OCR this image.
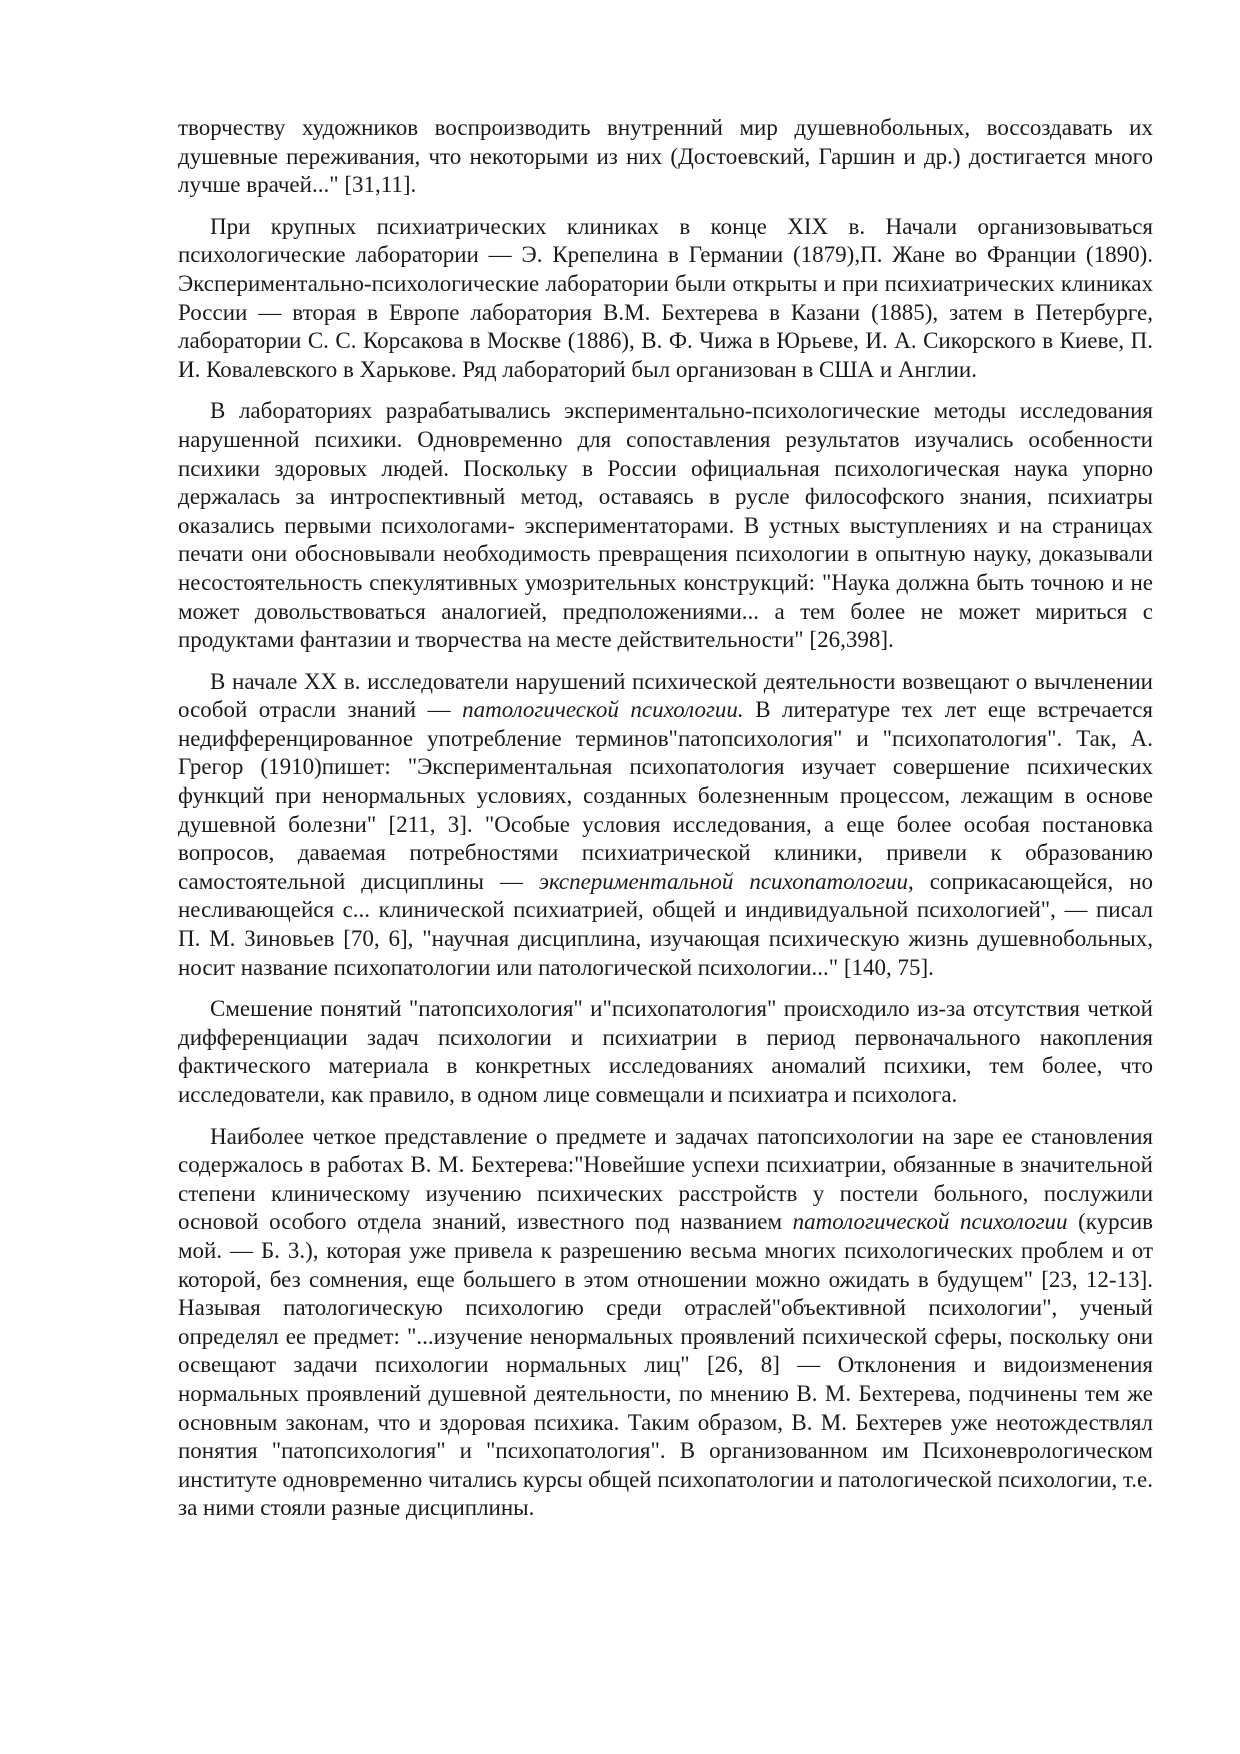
творчеству художников воспроизводить внутренний мир душевнобольных, воссоздавать их душевные переживания, что некоторыми из них (Достоевский, Гаршин и др.) достигается много лучше врачей..." [31,11].

При крупных психиатрических клиниках в конце XIX в. Начали организовываться психологические лаборатории — Э. Крепелина в Германии (1879),П. Жане во Франции (1890). Экспериментально-психологические лаборатории были открыты и при психиатрических клиниках России — вторая в Европе лаборатория В.М. Бехтерева в Казани (1885), затем в Петербурге, лаборатории С. С. Корсакова в Москве (1886), В. Ф. Чижа в Юрьеве, И. А. Сикорского в Киеве, П. И. Ковалевского в Харькове. Ряд лабораторий был организован в США и Англии.

В лабораториях разрабатывались экспериментально-психологические методы исследования нарушенной психики. Одновременно для сопоставления результатов изучались особенности психики здоровых людей. Поскольку в России официальная психологическая наука упорно держалась за интроспективный метод, оставаясь в русле философского знания, психиатры оказались первыми психологами- экспериментаторами. В устных выступлениях и на страницах печати они обосновывали необходимость превращения психологии в опытную науку, доказывали несостоятельность спекулятивных умозрительных конструкций: "Наука должна быть точною и не может довольствоваться аналогией, предположениями... а тем более не может мириться с продуктами фантазии и творчества на месте действительности" [26,398].

В начале XX в. исследователи нарушений психической деятельности возвещают о вычленении особой отрасли знаний — патологической психологии. В литературе тех лет еще встречается недифференцированное употребление терминов"патопсихология" и "психопатология". Так, А. Грегор (1910)пишет: "Экспериментальная психопатология изучает совершение психических функций при ненормальных условиях, созданных болезненным процессом, лежащим в основе душевной болезни" [211, 3]. "Особые условия исследования, а еще более особая постановка вопросов, даваемая потребностями психиатрической клиники, привели к образованию самостоятельной дисциплины — экспериментальной психопатологии, соприкасающейся, но несливающейся с... клинической психиатрией, общей и индивидуальной психологией", — писал П. М. Зиновьев [70, 6], "научная дисциплина, изучающая психическую жизнь душевнобольных, носит название психопатологии или патологической психологии..." [140, 75].

Смешение понятий "патопсихология" и"психопатология" происходило из-за отсутствия четкой дифференциации задач психологии и психиатрии в период первоначального накопления фактического материала в конкретных исследованиях аномалий психики, тем более, что исследователи, как правило, в одном лице совмещали и психиатра и психолога.

Наиболее четкое представление о предмете и задачах патопсихологии на заре ее становления содержалось в работах В. М. Бехтерева:"Новейшие успехи психиатрии, обязанные в значительной степени клиническому изучению психических расстройств у постели больного, послужили основой особого отдела знаний, известного под названием патологической психологии (курсив мой. — Б. 3.), которая уже привела к разрешению весьма многих психологических проблем и от которой, без сомнения, еще большего в этом отношении можно ожидать в будущем" [23, 12-13]. Называя патологическую психологию среди отраслей"объективной психологии", ученый определял ее предмет: "...изучение ненормальных проявлений психической сферы, поскольку они освещают задачи психологии нормальных лиц" [26, 8] — Отклонения и видоизменения нормальных проявлений душевной деятельности, по мнению В. М. Бехтерева, подчинены тем же основным законам, что и здоровая психика. Таким образом, В. М. Бехтерев уже неотождествлял понятия "патопсихология" и "психопатология". В организованном им Психоневрологическом институте одновременно читались курсы общей психопатологии и патологической психологии, т.е. за ними стояли разные дисциплины.
